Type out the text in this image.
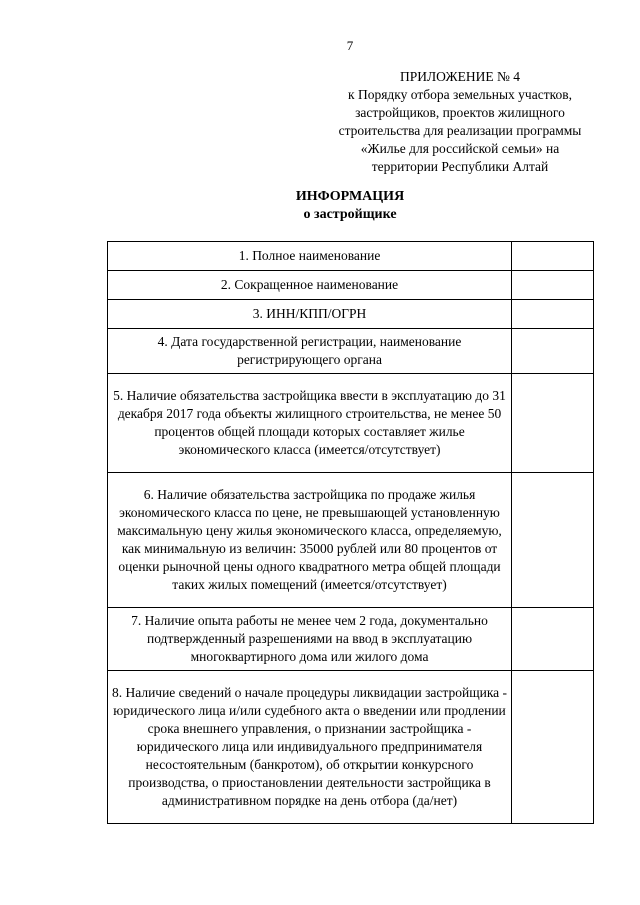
7
ПРИЛОЖЕНИЕ № 4
к Порядку отбора земельных участков,
застройщиков, проектов жилищного
строительства для реализации программы
«Жилье для российской семьи» на
территории Республики Алтай
ИНФОРМАЦИЯ
о застройщике
1. Полное наименование	
2. Сокращенное наименование	
3. ИНН/КПП/ОГРН	
4. Дата государственной регистрации, наименование регистрирующего органа	
5. Наличие обязательства застройщика ввести в эксплуатацию до 31 декабря 2017 года объекты жилищного строительства, не менее 50 процентов общей площади которых составляет жилье экономического класса (имеется/отсутствует)	
6. Наличие обязательства застройщика по продаже жилья экономического класса по цене, не превышающей установленную максимальную цену жилья экономического класса, определяемую, как минимальную из величин: 35000 рублей или 80 процентов от оценки рыночной цены одного квадратного метра общей площади таких жилых помещений (имеется/отсутствует)	
7. Наличие опыта работы не менее чем 2 года, документально подтвержденный разрешениями на ввод в эксплуатацию многоквартирного дома или жилого дома	
8. Наличие сведений о начале процедуры ликвидации застройщика - юридического лица и/или судебного акта о введении или продлении срока внешнего управления, о признании застройщика - юридического лица или индивидуального предпринимателя несостоятельным (банкротом), об открытии конкурсного производства, о приостановлении деятельности застройщика в административном порядке на день отбора (да/нет)	
